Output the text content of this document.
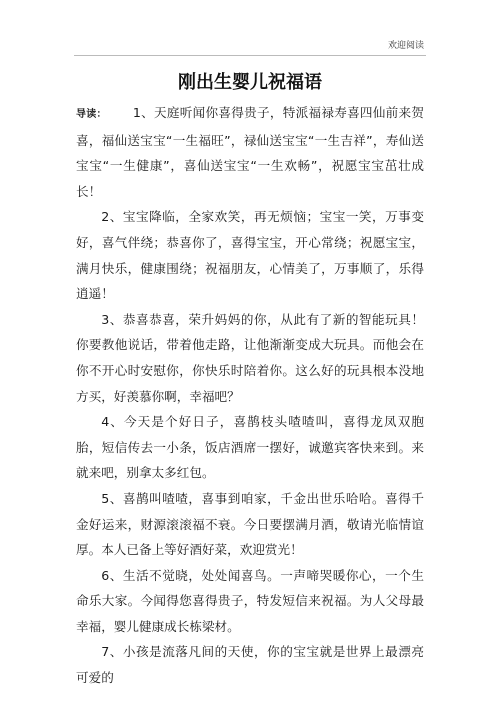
欢迎阅读
刚出生婴儿祝福语

导读： 1、天庭听闻你喜得贵子，特派福禄寿喜四仙前来贺喜，福仙送宝宝“一生福旺”，禄仙送宝宝“一生吉祥”，寿仙送宝宝“一生健康”，喜仙送宝宝“一生欢畅”，祝愿宝宝茁壮成长！

2、宝宝降临，全家欢笑，再无烦恼；宝宝一笑，万事变好，喜气伴绕；恭喜你了，喜得宝宝，开心常绕；祝愿宝宝，满月快乐，健康围绕；祝福朋友，心情美了，万事顺了，乐得逍遥！

3、恭喜恭喜，荣升妈妈的你，从此有了新的智能玩具！你要教他说话，带着他走路，让他渐渐变成大玩具。而他会在你不开心时安慰你，你快乐时陪着你。这么好的玩具根本没地方买，好羡慕你啊，幸福吧？

4、今天是个好日子，喜鹊枝头喳喳叫，喜得龙凤双胞胎，短信传去一小条，饭店酒席一摆好，诚邀宾客快来到。来就来吧，别拿太多红包。

5、喜鹊叫喳喳，喜事到咱家，千金出世乐哈哈。喜得千金好运来，财源滚滚福不衰。今日要摆满月酒，敬请光临情谊厚。本人已备上等好酒好菜，欢迎赏光！

6、生活不觉晓，处处闻喜鸟。一声啼哭暖你心，一个生命乐大家。今闻得您喜得贵子，特发短信来祝福。为人父母最幸福，婴儿健康成长栋梁材。

7、小孩是流落凡间的天使，你的宝宝就是世界上最漂亮可爱的
